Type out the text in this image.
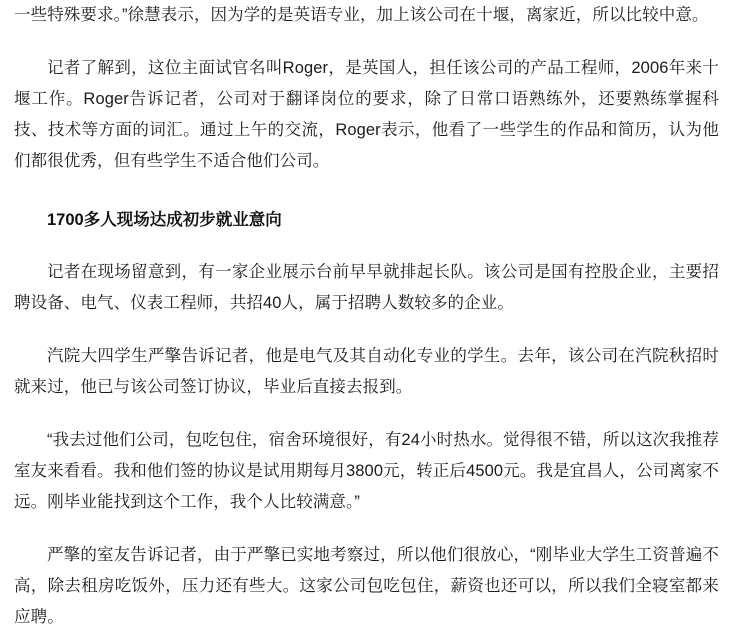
一些特殊要求。”徐慧表示，因为学的是英语专业，加上该公司在十堰，离家近，所以比较中意。

记者了解到，这位主面试官名叫Roger，是英国人，担任该公司的产品工程师，2006年来十堰工作。Roger告诉记者，公司对于翻译岗位的要求，除了日常口语熟练外，还要熟练掌握科技、技术等方面的词汇。通过上午的交流，Roger表示，他看了一些学生的作品和简历，认为他们都很优秀，但有些学生不适合他们公司。

1700多人现场达成初步就业意向

记者在现场留意到，有一家企业展示台前早早就排起长队。该公司是国有控股企业，主要招聘设备、电气、仪表工程师，共招40人，属于招聘人数较多的企业。

汽院大四学生严擎告诉记者，他是电气及其自动化专业的学生。去年，该公司在汽院秋招时就来过，他已与该公司签订协议，毕业后直接去报到。

“我去过他们公司，包吃包住，宿舍环境很好，有24小时热水。觉得很不错，所以这次我推荐室友来看看。我和他们签的协议是试用期每月3800元，转正后4500元。我是宜昌人，公司离家不远。刚毕业能找到这个工作，我个人比较满意。”

严擎的室友告诉记者，由于严擎已实地考察过，所以他们很放心，“刚毕业大学生工资普遍不高，除去租房吃饭外，压力还有些大。这家公司包吃包住，薪资也还可以，所以我们全寝室都来应聘。
